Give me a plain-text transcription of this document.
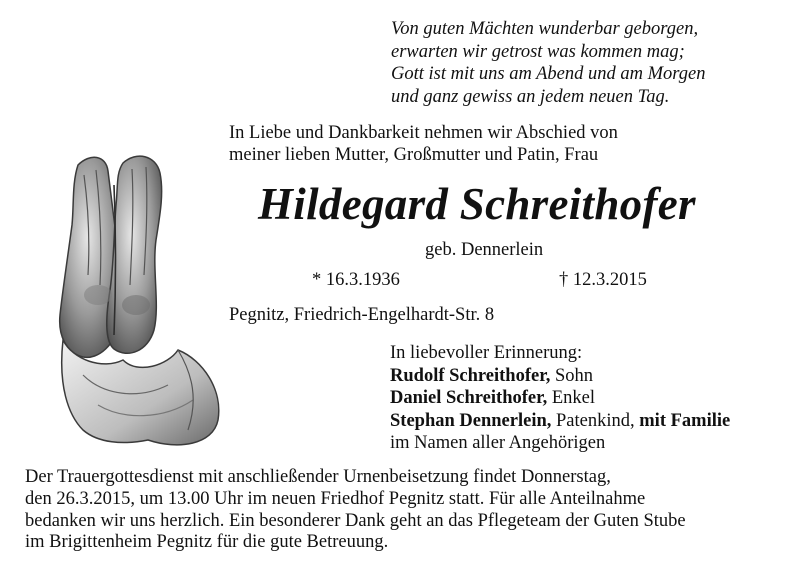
Von guten Mächten wunderbar geborgen,
erwarten wir getrost was kommen mag;
Gott ist mit uns am Abend und am Morgen
und ganz gewiss an jedem neuen Tag.
In Liebe und Dankbarkeit nehmen wir Abschied von
meiner lieben Mutter, Großmutter und Patin, Frau
Hildegard Schreithofer
geb. Dennerlein
* 16.3.1936	† 12.3.2015
Pegnitz, Friedrich-Engelhardt-Str. 8
In liebevoller Erinnerung:
Rudolf Schreithofer, Sohn
Daniel Schreithofer, Enkel
Stephan Dennerlein, Patenkind, mit Familie
im Namen aller Angehörigen
Der Trauergottesdienst mit anschließender Urnenbeisetzung findet Donnerstag,
den 26.3.2015, um 13.00 Uhr im neuen Friedhof Pegnitz statt. Für alle Anteilnahme
bedanken wir uns herzlich. Ein besonderer Dank geht an das Pflegeteam der Guten Stube
im Brigittenheim Pegnitz für die gute Betreuung.
